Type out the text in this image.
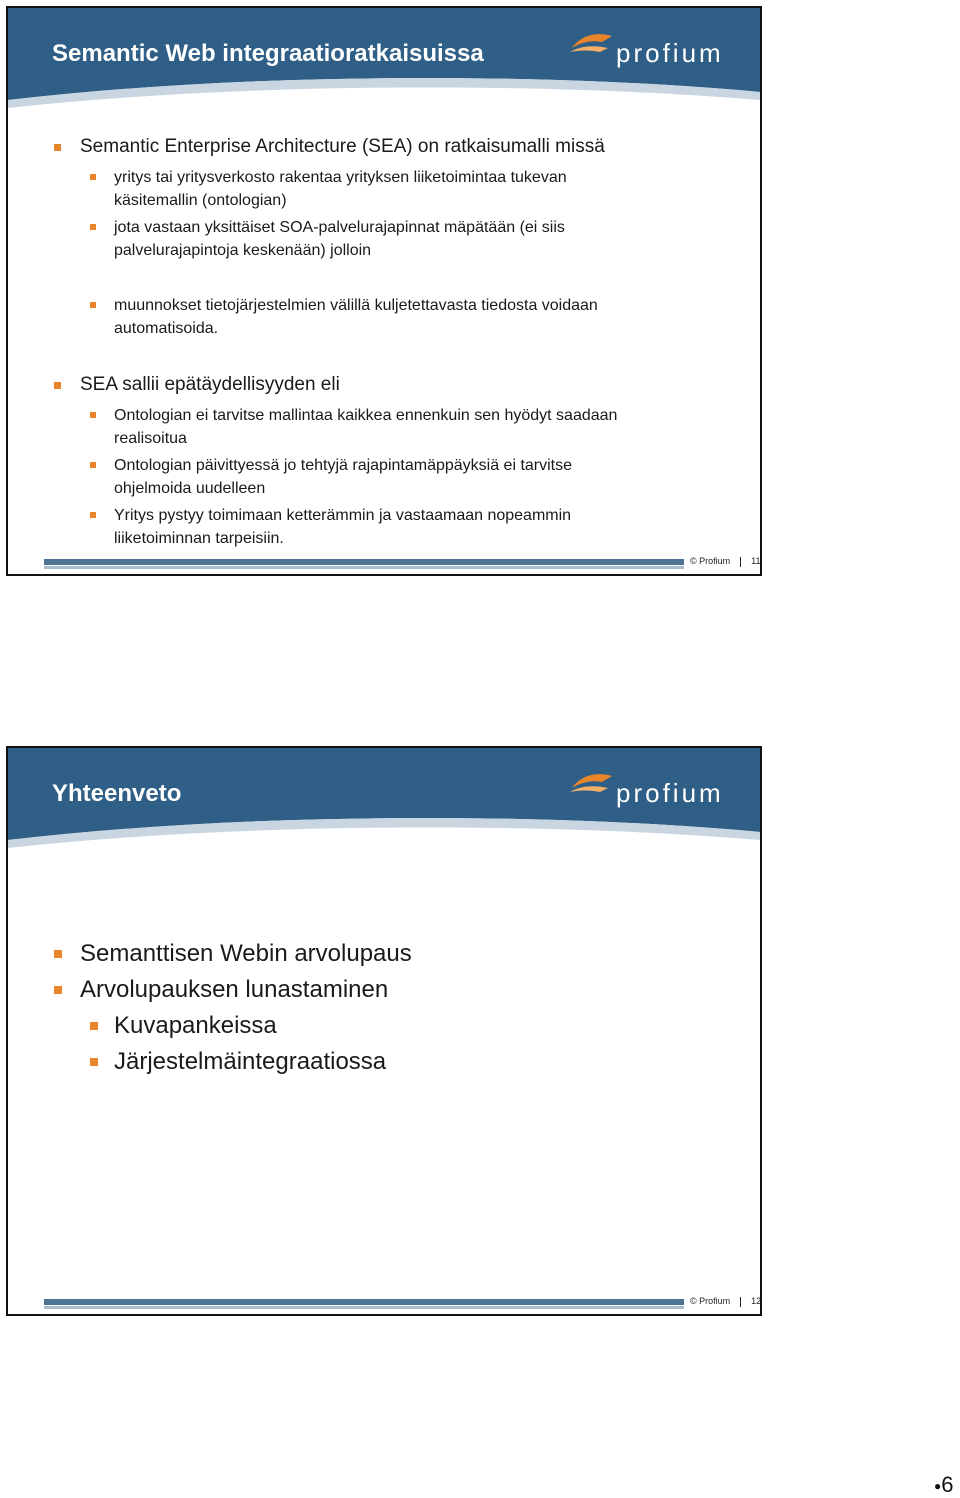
Semantic Web integraatioratkaisuissa	profium
Semantic Enterprise Architecture (SEA) on ratkaisumalli missä
yritys tai yritysverkosto rakentaa yrityksen liiketoimintaa tukevan
käsitemallin (ontologian)
jota vastaan yksittäiset SOA-palvelurajapinnat mäpätään (ei siis
palvelurajapintoja keskenään) jolloin
muunnokset tietojärjestelmien välillä kuljetettavasta tiedosta voidaan
automatisoida.
SEA sallii epätäydellisyyden eli
Ontologian ei tarvitse mallintaa kaikkea ennenkuin sen hyödyt saadaan
realisoitua
Ontologian päivittyessä jo tehtyjä rajapintamäppäyksiä ei tarvitse
ohjelmoida uudelleen
Yritys pystyy toimimaan ketterämmin ja vastaamaan nopeammin
liiketoiminnan tarpeisiin.
© Profium 11
Yhteenveto	profium
Semanttisen Webin arvolupaus
Arvolupauksen lunastaminen
Kuvapankeissa
Järjestelmäintegraatiossa
© Profium 12
●6
